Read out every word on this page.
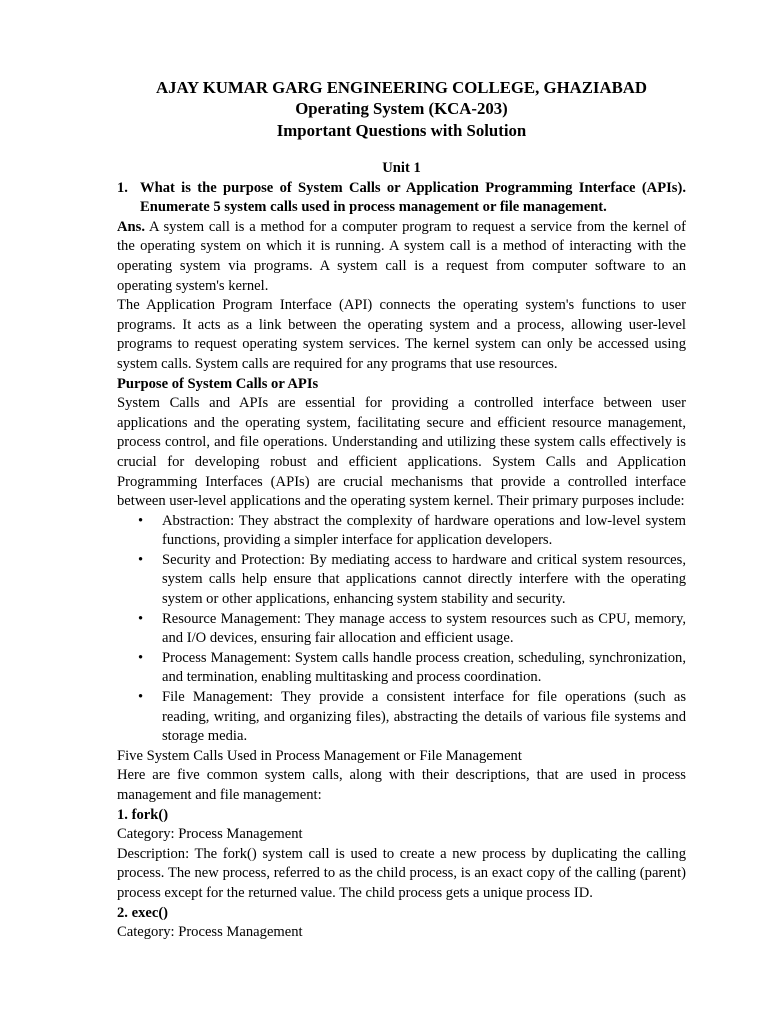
AJAY KUMAR GARG ENGINEERING COLLEGE, GHAZIABAD

Operating System (KCA-203)

Important Questions with Solution

Unit 1

1. What is the purpose of System Calls or Application Programming Interface (APIs). Enumerate 5 system calls used in process management or file management.

Ans. A system call is a method for a computer program to request a service from the kernel of the operating system on which it is running. A system call is a method of interacting with the operating system via programs. A system call is a request from computer software to an operating system's kernel.

The Application Program Interface (API) connects the operating system's functions to user programs. It acts as a link between the operating system and a process, allowing user-level programs to request operating system services. The kernel system can only be accessed using system calls. System calls are required for any programs that use resources.

Purpose of System Calls or APIs

System Calls and APIs are essential for providing a controlled interface between user applications and the operating system, facilitating secure and efficient resource management, process control, and file operations. Understanding and utilizing these system calls effectively is crucial for developing robust and efficient applications. System Calls and Application Programming Interfaces (APIs) are crucial mechanisms that provide a controlled interface between user-level applications and the operating system kernel. Their primary purposes include:

• Abstraction: They abstract the complexity of hardware operations and low-level system functions, providing a simpler interface for application developers.
• Security and Protection: By mediating access to hardware and critical system resources, system calls help ensure that applications cannot directly interfere with the operating system or other applications, enhancing system stability and security.
• Resource Management: They manage access to system resources such as CPU, memory, and I/O devices, ensuring fair allocation and efficient usage.
• Process Management: System calls handle process creation, scheduling, synchronization, and termination, enabling multitasking and process coordination.
• File Management: They provide a consistent interface for file operations (such as reading, writing, and organizing files), abstracting the details of various file systems and storage media.

Five System Calls Used in Process Management or File Management

Here are five common system calls, along with their descriptions, that are used in process management and file management:

1. fork()

Category: Process Management

Description: The fork() system call is used to create a new process by duplicating the calling process. The new process, referred to as the child process, is an exact copy of the calling (parent) process except for the returned value. The child process gets a unique process ID.

2. exec()

Category: Process Management
